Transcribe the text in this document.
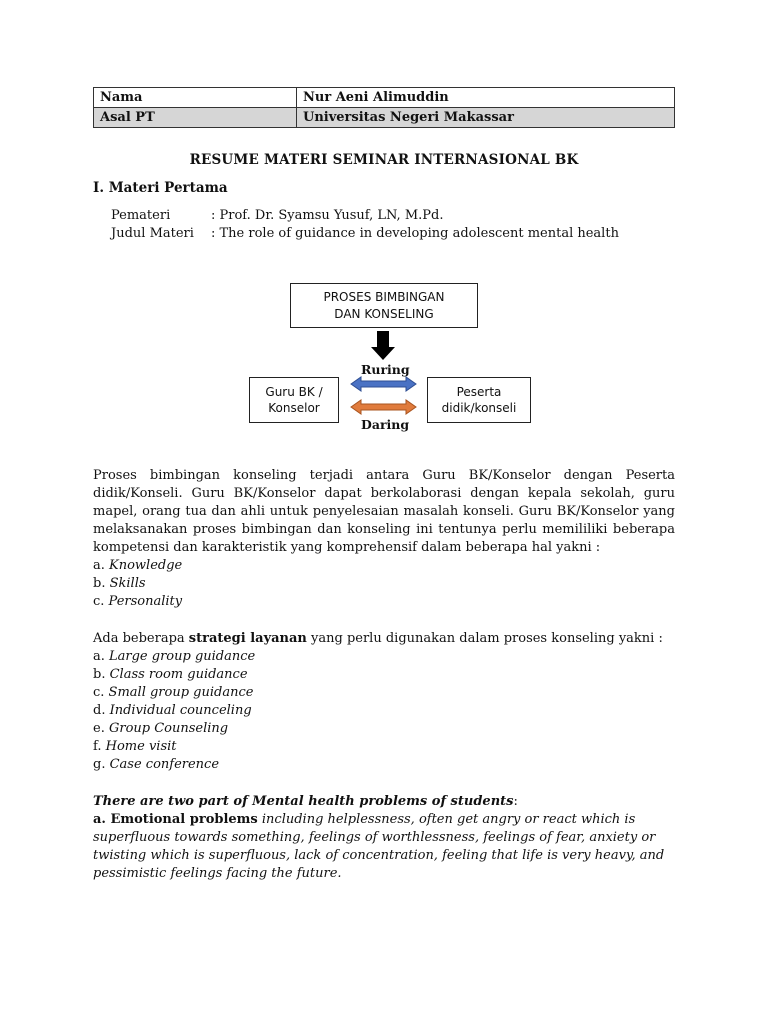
Nama	Nur Aeni Alimuddin
Asal PT	Universitas Negeri Makassar
RESUME MATERI SEMINAR INTERNASIONAL BK
I. Materi Pertama
Pemateri	: Prof. Dr. Syamsu Yusuf, LN, M.Pd.
Judul Materi : The role of guidance in developing adolescent mental health
PROSES BIMBINGAN
DAN KONSELING
Guru BK /
Konselor
Peserta
didik/konseli
Ruring
Daring
Proses bimbingan konseling terjadi antara Guru BK/Konselor dengan Peserta didik/Konseli. Guru BK/Konselor dapat berkolaborasi dengan kepala sekolah, guru mapel, orang tua dan ahli untuk penyelesaian masalah konseli. Guru BK/Konselor yang melaksanakan proses bimbingan dan konseling ini tentunya perlu memililiki beberapa kompetensi dan karakteristik yang komprehensif dalam beberapa hal yakni :
a. Knowledge
b. Skills
c. Personality
Ada beberapa strategi layanan yang perlu digunakan dalam proses konseling yakni :
a. Large group guidance
b. Class room guidance
c. Small group guidance
d. Individual counceling
e. Group Counseling
f. Home visit
g. Case conference
There are two part of Mental health problems of students:
a. Emotional problems including helplessness, often get angry or react which is superfluous towards something, feelings of worthlessness, feelings of fear, anxiety or twisting which is superfluous, lack of concentration, feeling that life is very heavy, and pessimistic feelings facing the future.
